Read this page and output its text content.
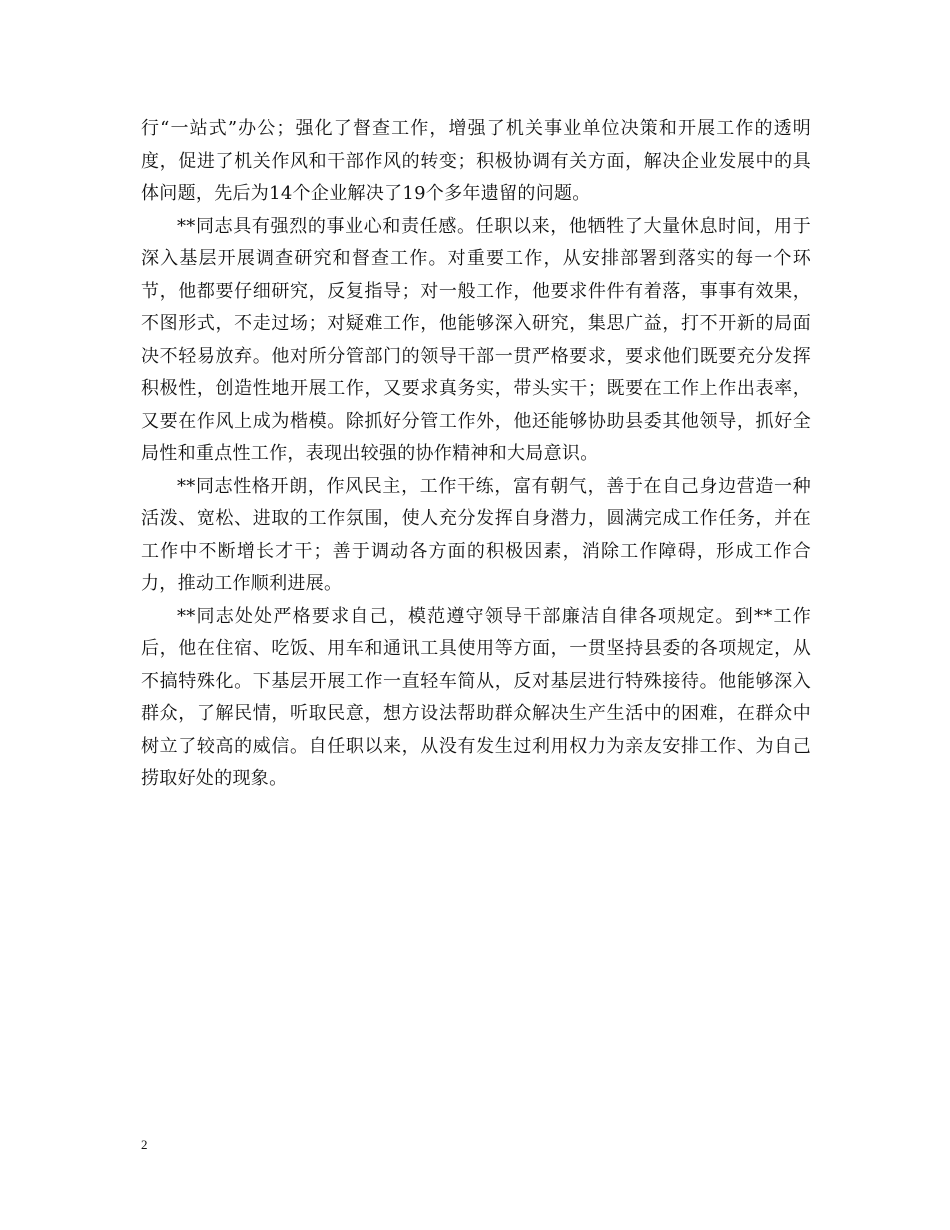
行“一站式”办公；强化了督查工作，增强了机关事业单位决策和开展工作的透明度，促进了机关作风和干部作风的转变；积极协调有关方面，解决企业发展中的具体问题，先后为14个企业解决了19个多年遗留的问题。

**同志具有强烈的事业心和责任感。任职以来，他牺牲了大量休息时间，用于深入基层开展调查研究和督查工作。对重要工作，从安排部署到落实的每一个环节，他都要仔细研究，反复指导；对一般工作，他要求件件有着落，事事有效果，不图形式，不走过场；对疑难工作，他能够深入研究，集思广益，打不开新的局面决不轻易放弃。他对所分管部门的领导干部一贯严格要求，要求他们既要充分发挥积极性，创造性地开展工作，又要求真务实，带头实干；既要在工作上作出表率，又要在作风上成为楷模。除抓好分管工作外，他还能够协助县委其他领导，抓好全局性和重点性工作，表现出较强的协作精神和大局意识。

**同志性格开朗，作风民主，工作干练，富有朝气，善于在自己身边营造一种活泼、宽松、进取的工作氛围，使人充分发挥自身潜力，圆满完成工作任务，并在工作中不断增长才干；善于调动各方面的积极因素，消除工作障碍，形成工作合力，推动工作顺利进展。

**同志处处严格要求自己，模范遵守领导干部廉洁自律各项规定。到**工作后，他在住宿、吃饭、用车和通讯工具使用等方面，一贯坚持县委的各项规定，从不搞特殊化。下基层开展工作一直轻车简从，反对基层进行特殊接待。他能够深入群众，了解民情，听取民意，想方设法帮助群众解决生产生活中的困难，在群众中树立了较高的威信。自任职以来，从没有发生过利用权力为亲友安排工作、为自己捞取好处的现象。

2
